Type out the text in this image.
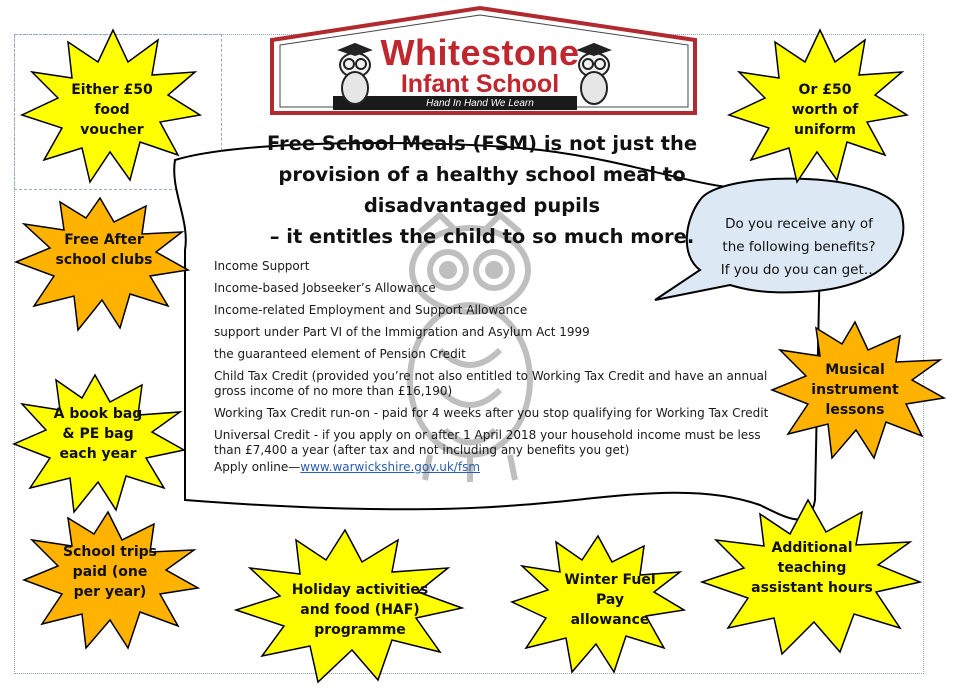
Either £50
food
voucher
Or £50
worth of
uniform
Free After
school clubs
A book bag
& PE bag
each year
Musical
instrument
lessons
School trips
paid (one
per year)	Holiday activities
and food (HAF)
programme
Winter Fuel
Pay
allowance
Additional
teaching
assistant hours
Whitestone
Infant School
Hand In Hand We Learn
Free School Meals (FSM) is not just the
provision of a healthy school meal to
disadvantaged pupils
– it entitles the child to so much more.
Do you receive any of
the following benefits?
If you do you can get…
Income Support
Income-based Jobseeker’s Allowance
Income-related Employment and Support Allowance
support under Part VI of the Immigration and Asylum Act 1999
the guaranteed element of Pension Credit
Child Tax Credit (provided you’re not also entitled to Working Tax Credit and have an annual gross income of no more than £16,190)
Working Tax Credit run-on - paid for 4 weeks after you stop qualifying for Working Tax Credit
Universal Credit - if you apply on or after 1 April 2018 your household income must be less than £7,400 a year (after tax and not including any benefits you get)
Apply online—www.warwickshire.gov.uk/fsm
